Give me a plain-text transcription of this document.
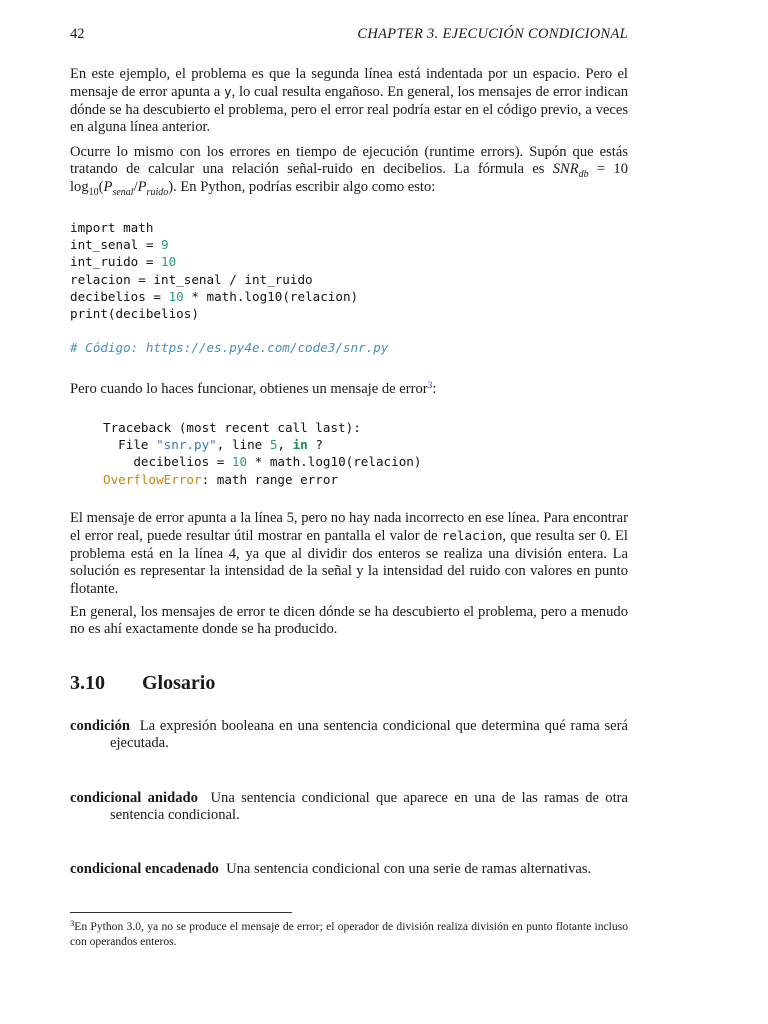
42	CHAPTER 3. EJECUCIÓN CONDICIONAL

En este ejemplo, el problema es que la segunda línea está indentada por un espacio. Pero el mensaje de error apunta a y, lo cual resulta engañoso. En general, los mensajes de error indican dónde se ha descubierto el problema, pero el error real podría estar en el código previo, a veces en alguna línea anterior.

Ocurre lo mismo con los errores en tiempo de ejecución (runtime errors). Supón que estás tratando de calcular una relación señal-ruido en decibelios. La fórmula es $SNR_{db} = 10$ $\log_{10}(P_{senal}/P_{ruido})$. En Python, podrías escribir algo como esto:

import math
int_senal = 9
int_ruido = 10
relacion = int_senal / int_ruido
decibelios = 10 * math.log10(relacion)
print(decibelios)
# Código: https://es.py4e.com/code3/snr.py

Pero cuando lo haces funcionar, obtienes un mensaje de error$^3$:

Traceback (most recent call last):
File "snr.py", line 5, in ?
decibelios = 10 * math.log10(relacion)
OverflowError: math range error

El mensaje de error apunta a la línea 5, pero no hay nada incorrecto en ese línea. Para encontrar el error real, puede resultar útil mostrar en pantalla el valor de relacion, que resulta ser 0. El problema está en la línea 4, ya que al dividir dos enteros se realiza una división entera. La solución es representar la intensidad de la señal y la intensidad del ruido con valores en punto flotante.

En general, los mensajes de error te dicen dónde se ha descubierto el problema, pero a menudo no es ahí exactamente donde se ha producido.

3.10 Glosario

condición La expresión booleana en una sentencia condicional que determina qué rama será ejecutada.

condicional anidado Una sentencia condicional que aparece en una de las ramas de otra sentencia condicional.

condicional encadenado Una sentencia condicional con una serie de ramas alternativas.

$^3$En Python 3.0, ya no se produce el mensaje de error; el operador de división realiza división en punto flotante incluso con operandos enteros.
